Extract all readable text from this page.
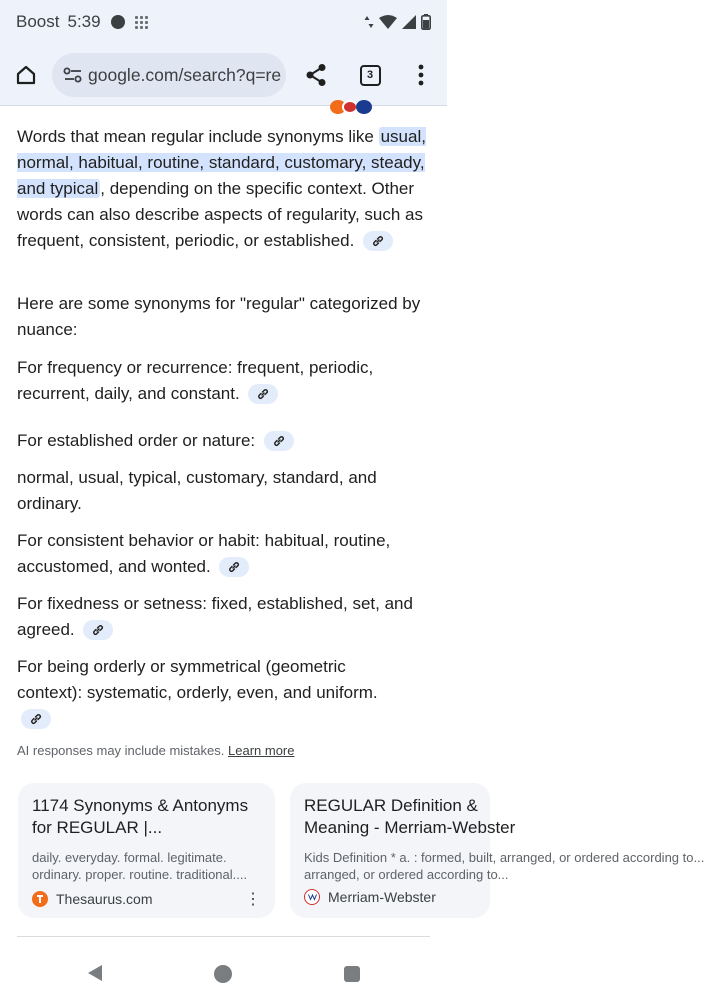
Boost 5:39
google.com/search?q=re	3

Words that mean regular include synonyms like usual, normal, habitual, routine, standard, customary, steady, and typical , depending on the specific context. Other words can also describe aspects of regularity, such as frequent, consistent, periodic, or established.

Here are some synonyms for "regular" categorized by nuance:

For frequency or recurrence: frequent, periodic, recurrent, daily, and constant.

For established order or nature:

normal, usual, typical, customary, standard, and ordinary.

For consistent behavior or habit: habitual, routine, accustomed, and wonted.

For fixedness or setness: fixed, established, set, and agreed.

For being orderly or symmetrical (geometric context): systematic, orderly, even, and uniform.

AI responses may include mistakes. Learn more
1174 Synonyms & Antonyms for REGULAR |...
daily. everyday. formal. legitimate.
ordinary. proper. routine. traditional....
Thesaurus.com	⋮
REGULAR Definition &
Meaning - Merriam-Webster
Kids Definition * a. : formed, built, arranged, or ordered according to...
arranged, or ordered according to...
Merriam-Webster
